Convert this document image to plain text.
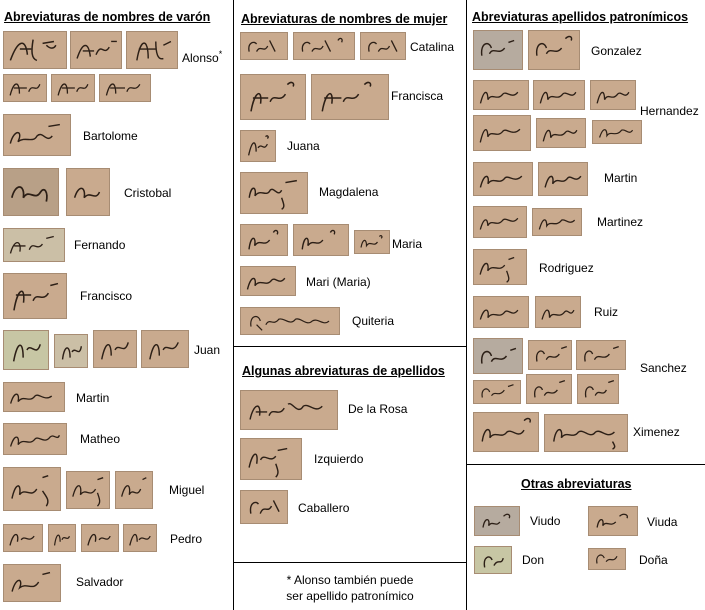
Abreviaturas de nombres de varón
Alonso*
Bartolome
Cristobal
Fernando
Francisco
Juan
Martin
Matheo
Miguel
Pedro
Salvador
Abreviaturas de nombres de mujer
Catalina
Francisca
Juana
Magdalena
Maria
Mari (Maria)
Quiteria
Algunas abreviaturas de apellidos
De la Rosa
Izquierdo
Caballero
* Alonso también puede
ser apellido patronímico
Abreviaturas apellidos patronímicos
Gonzalez
Hernandez
Martin
Martinez
Rodriguez
Ruiz
Sanchez
Ximenez
Otras abreviaturas
Viudo	Viuda
Don	Doña
